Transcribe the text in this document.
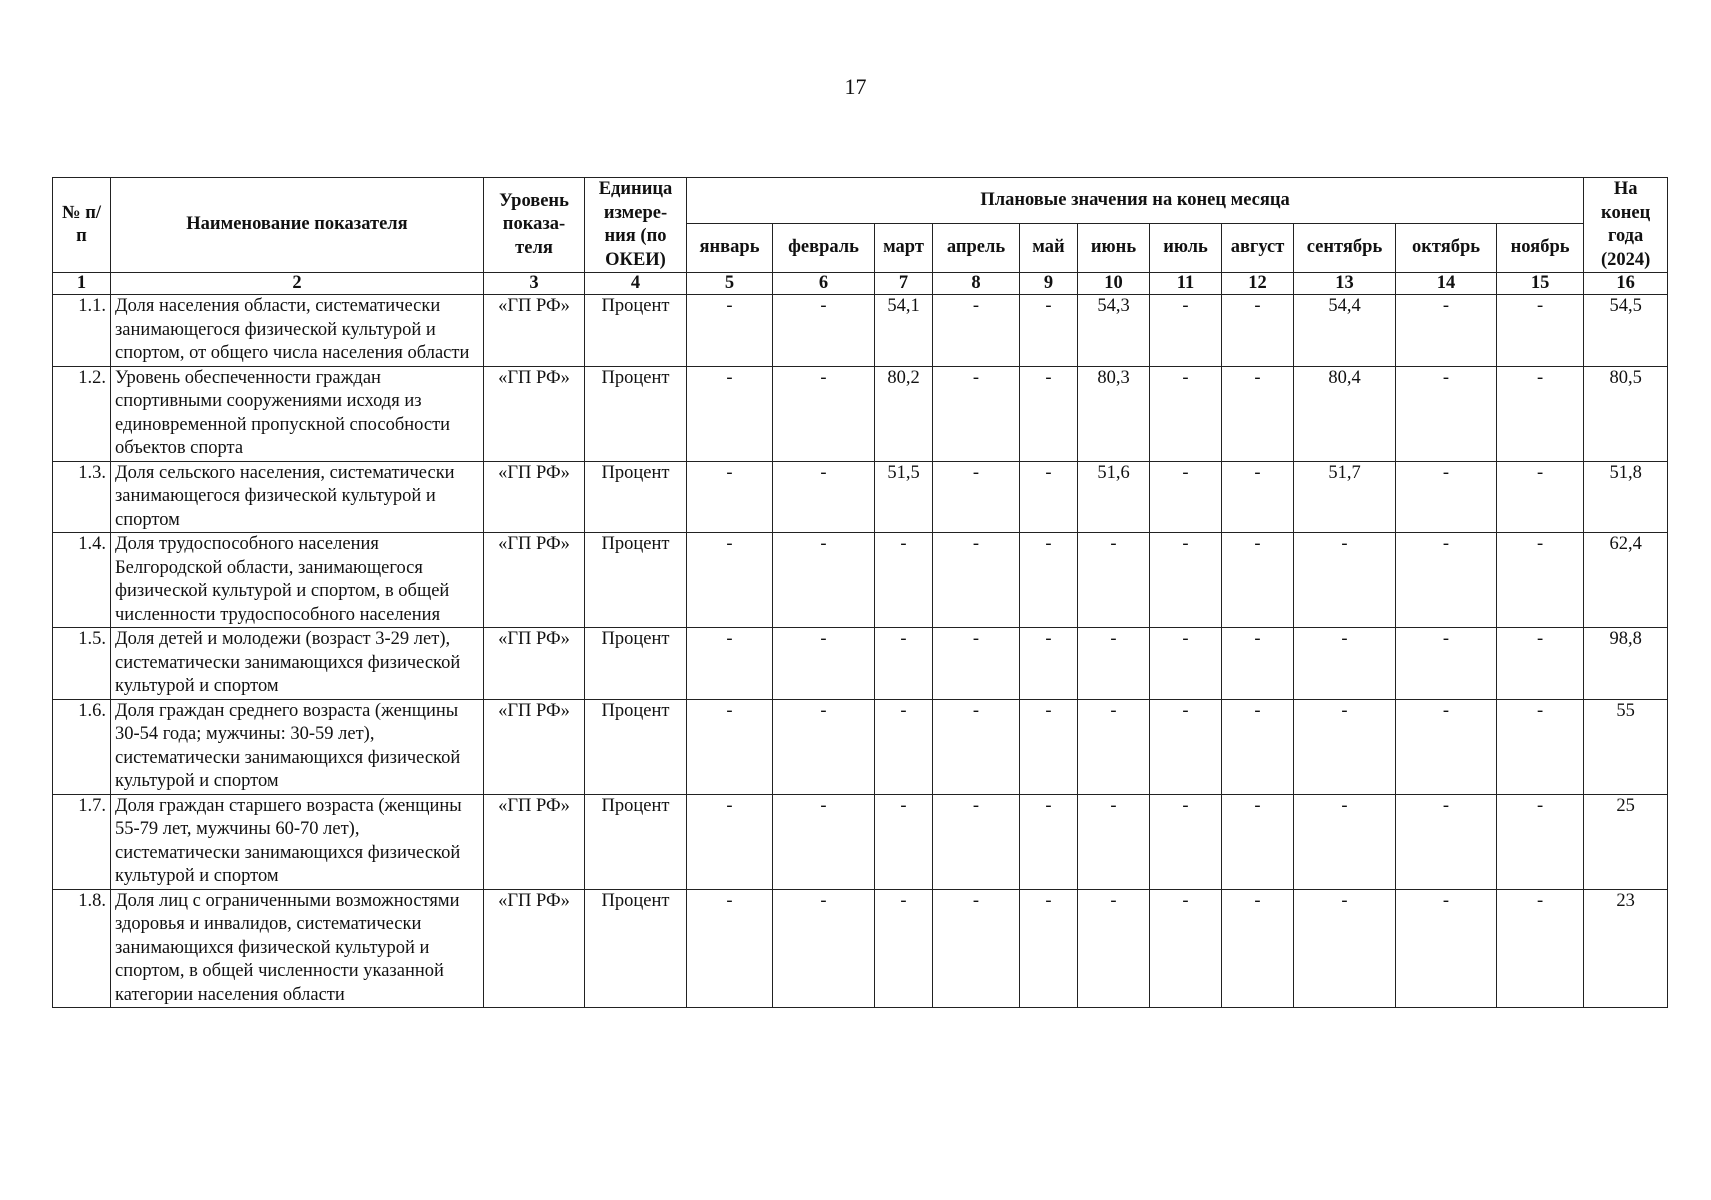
17
№ п/п	Наименование показателя	Уровень показа-теля	Единица измере-ния (по ОКЕИ)	Плановые значения на конец месяца											На конец года (2024)
				январь	февраль	март	апрель	май	июнь	июль	август	сентябрь	октябрь	ноябрь	
1	2	3	4	5	6	7	8	9	10	11	12	13	14	15	16
1.1.	Доля населения области, систематически занимающегося физической культурой и спортом, от общего числа населения области	«ГП РФ»	Процент	-	-	54,1	-	-	54,3	-	-	54,4	-	-	54,5
1.2.	Уровень обеспеченности граждан спортивными сооружениями исходя из единовременной пропускной способности объектов спорта	«ГП РФ»	Процент	-	-	80,2	-	-	80,3	-	-	80,4	-	-	80,5
1.3.	Доля сельского населения, систематически занимающегося физической культурой и спортом	«ГП РФ»	Процент	-	-	51,5	-	-	51,6	-	-	51,7	-	-	51,8
1.4.	Доля трудоспособного населения Белгородской области, занимающегося физической культурой и спортом, в общей численности трудоспособного населения	«ГП РФ»	Процент	-	-	-	-	-	-	-	-	-	-	-	62,4
1.5.	Доля детей и молодежи (возраст 3-29 лет), систематически занимающихся физической культурой и спортом	«ГП РФ»	Процент	-	-	-	-	-	-	-	-	-	-	-	98,8
1.6.	Доля граждан среднего возраста (женщины 30-54 года; мужчины: 30-59 лет), систематически занимающихся физической культурой и спортом	«ГП РФ»	Процент	-	-	-	-	-	-	-	-	-	-	-	55
1.7.	Доля граждан старшего возраста (женщины 55-79 лет, мужчины 60-70 лет), систематически занимающихся физической культурой и спортом	«ГП РФ»	Процент	-	-	-	-	-	-	-	-	-	-	-	25
1.8.	Доля лиц с ограниченными возможностями здоровья и инвалидов, систематически занимающихся физической культурой и спортом, в общей численности указанной категории населения области	«ГП РФ»	Процент	-	-	-	-	-	-	-	-	-	-	-	23
